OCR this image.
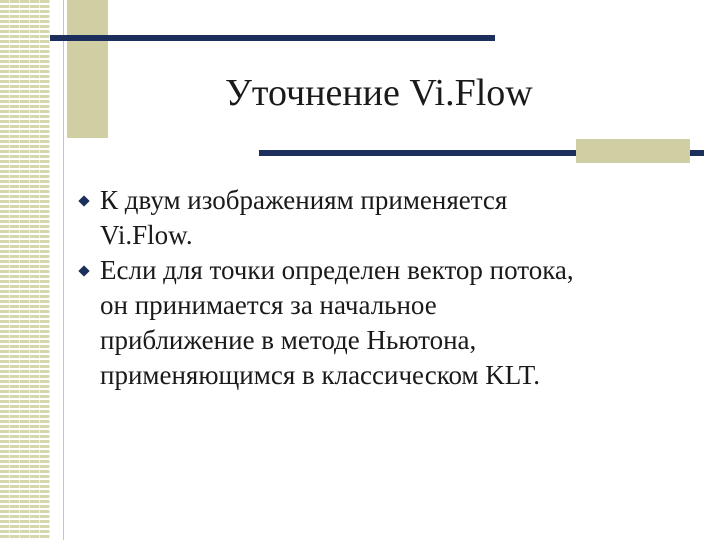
Уточнение Vi.Flow
К двум изображениям применяется
Vi.Flow.
Если для точки определен вектор потока,
он принимается за начальное
приближение в методе Ньютона,
применяющимся в классическом KLT.
